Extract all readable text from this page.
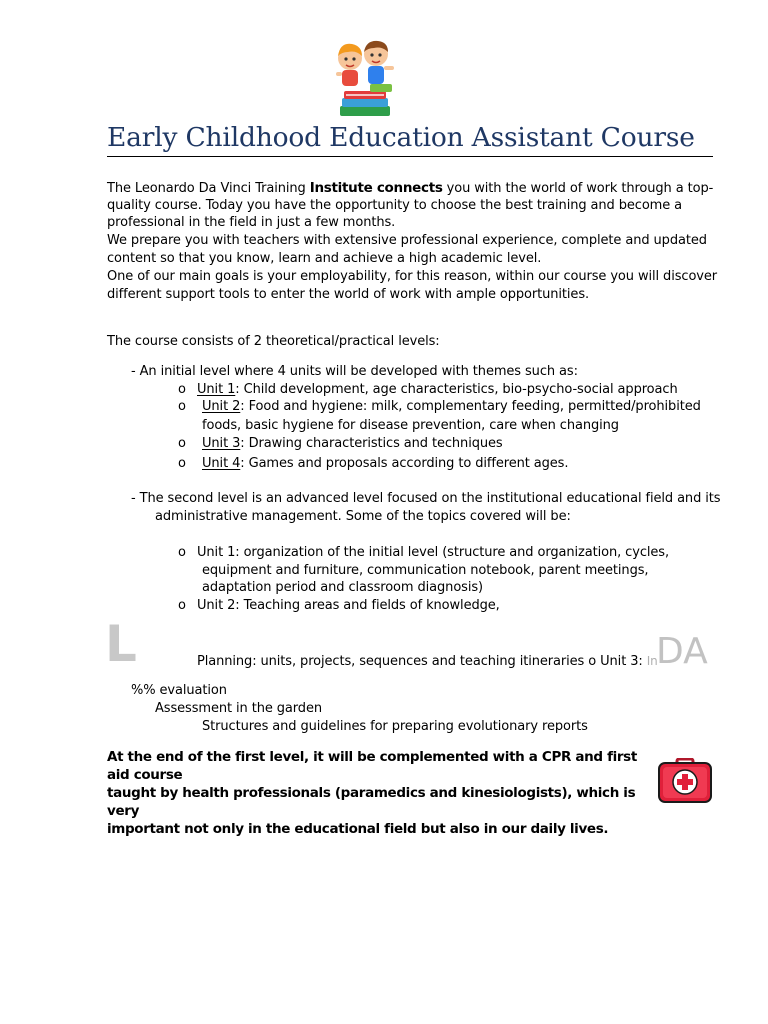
Early Childhood Education Assistant Course
The Leonardo Da Vinci Training Institute connects you with the world of work through a top-
quality course. Today you have the opportunity to choose the best training and become a
professional in the field in just a few months.
We prepare you with teachers with extensive professional experience, complete and updated
content so that you know, learn and achieve a high academic level.
One of our main goals is your employability, for this reason, within our course you will discover
different support tools to enter the world of work with ample opportunities.
The course consists of 2 theoretical/practical levels:
- An initial level where 4 units will be developed with themes such as:
o Unit 1: Child development, age characteristics, bio-psycho-social approach
o Unit 2: Food and hygiene: milk, complementary feeding, permitted/prohibited
foods, basic hygiene for disease prevention, care when changing
o Unit 3: Drawing characteristics and techniques
o Unit 4: Games and proposals according to different ages.
- The second level is an advanced level focused on the institutional educational field and its
administrative management. Some of the topics covered will be:
o Unit 1: organization of the initial level (structure and organization, cycles,
equipment and furniture, communication notebook, parent meetings,
adaptation period and classroom diagnosis)
o Unit 2: Teaching areas and fields of knowledge,
L	Planning: units, projects, sequences and teaching itineraries o Unit 3: In
DA
%% evaluation
Assessment in the garden
Structures and guidelines for preparing evolutionary reports
At the end of the first level, it will be complemented with a CPR and first aid course
taught by health professionals (paramedics and kinesiologists), which is very
important not only in the educational field but also in our daily lives.
